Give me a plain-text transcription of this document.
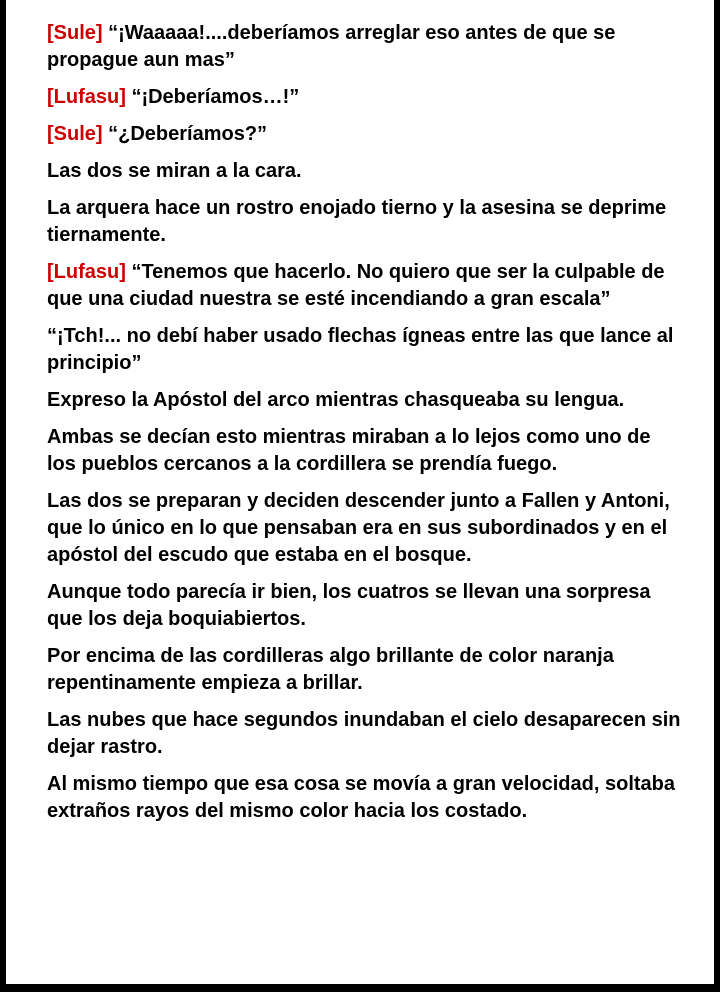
[Sule] “¡Waaaaa!....deberíamos arreglar eso antes de que se propague aun mas”

[Lufasu] “¡Deberíamos…!”

[Sule] “¿Deberíamos?”

Las dos se miran a la cara.

La arquera hace un rostro enojado tierno y la asesina se deprime tiernamente.

[Lufasu] “Tenemos que hacerlo. No quiero que ser la culpable de que una ciudad nuestra se esté incendiando a gran escala”

“¡Tch!... no debí haber usado flechas ígneas entre las que lance al principio”

Expreso la Apóstol del arco mientras chasqueaba su lengua.

Ambas se decían esto mientras miraban a lo lejos como uno de los pueblos cercanos a la cordillera se prendía fuego.

Las dos se preparan y deciden descender junto a Fallen y Antoni, que lo único en lo que pensaban era en sus subordinados y en el apóstol del escudo que estaba en el bosque.

Aunque todo parecía ir bien, los cuatros se llevan una sorpresa que los deja boquiabiertos.

Por encima de las cordilleras algo brillante de color naranja repentinamente empieza a brillar.

Las nubes que hace segundos inundaban el cielo desaparecen sin dejar rastro.

Al mismo tiempo que esa cosa se movía a gran velocidad, soltaba extraños rayos del mismo color hacia los costado.
